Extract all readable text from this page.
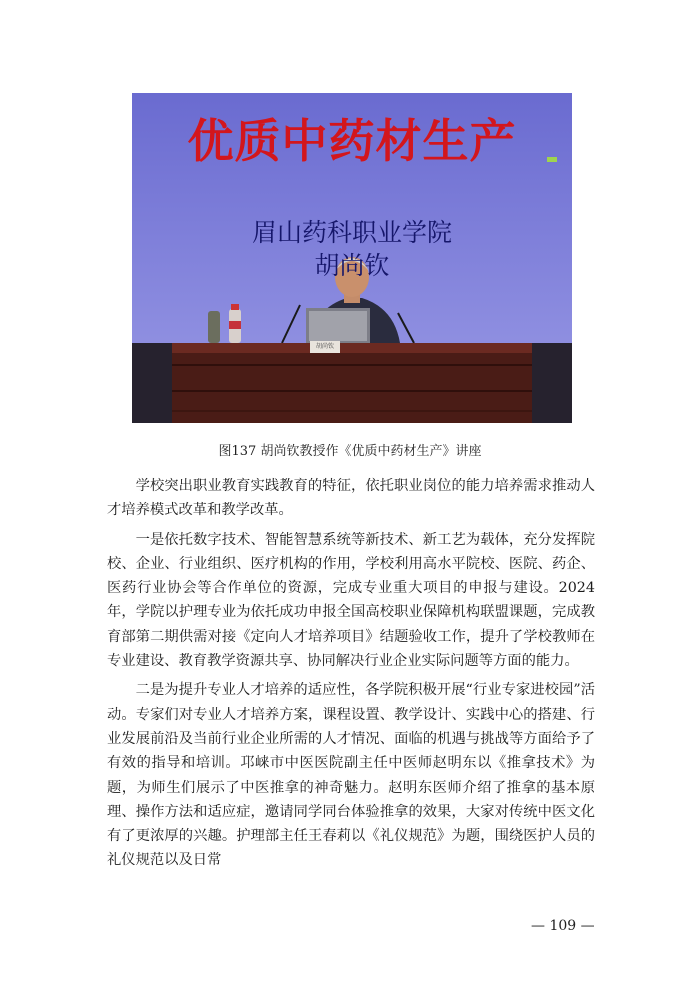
优质中药材生产
眉山药科职业学院
胡尚钦
胡尚钦
图137 胡尚钦教授作《优质中药材生产》讲座

学校突出职业教育实践教育的特征，依托职业岗位的能力培养需求推动人才培养模式改革和教学改革。

一是依托数字技术、智能智慧系统等新技术、新工艺为载体，充分发挥院校、企业、行业组织、医疗机构的作用，学校利用高水平院校、医院、药企、医药行业协会等合作单位的资源，完成专业重大项目的申报与建设。2024年，学院以护理专业为依托成功申报全国高校职业保障机构联盟课题，完成教育部第二期供需对接《定向人才培养项目》结题验收工作，提升了学校教师在专业建设、教育教学资源共享、协同解决行业企业实际问题等方面的能力。

二是为提升专业人才培养的适应性，各学院积极开展“行业专家进校园”活动。专家们对专业人才培养方案，课程设置、教学设计、实践中心的搭建、行业发展前沿及当前行业企业所需的人才情况、面临的机遇与挑战等方面给予了有效的指导和培训。邛崃市中医医院副主任中医师赵明东以《推拿技术》为题，为师生们展示了中医推拿的神奇魅力。赵明东医师介绍了推拿的基本原理、操作方法和适应症，邀请同学同台体验推拿的效果，大家对传统中医文化有了更浓厚的兴趣。护理部主任王春莉以《礼仪规范》为题，围绕医护人员的礼仪规范以及日常

— 109 —
